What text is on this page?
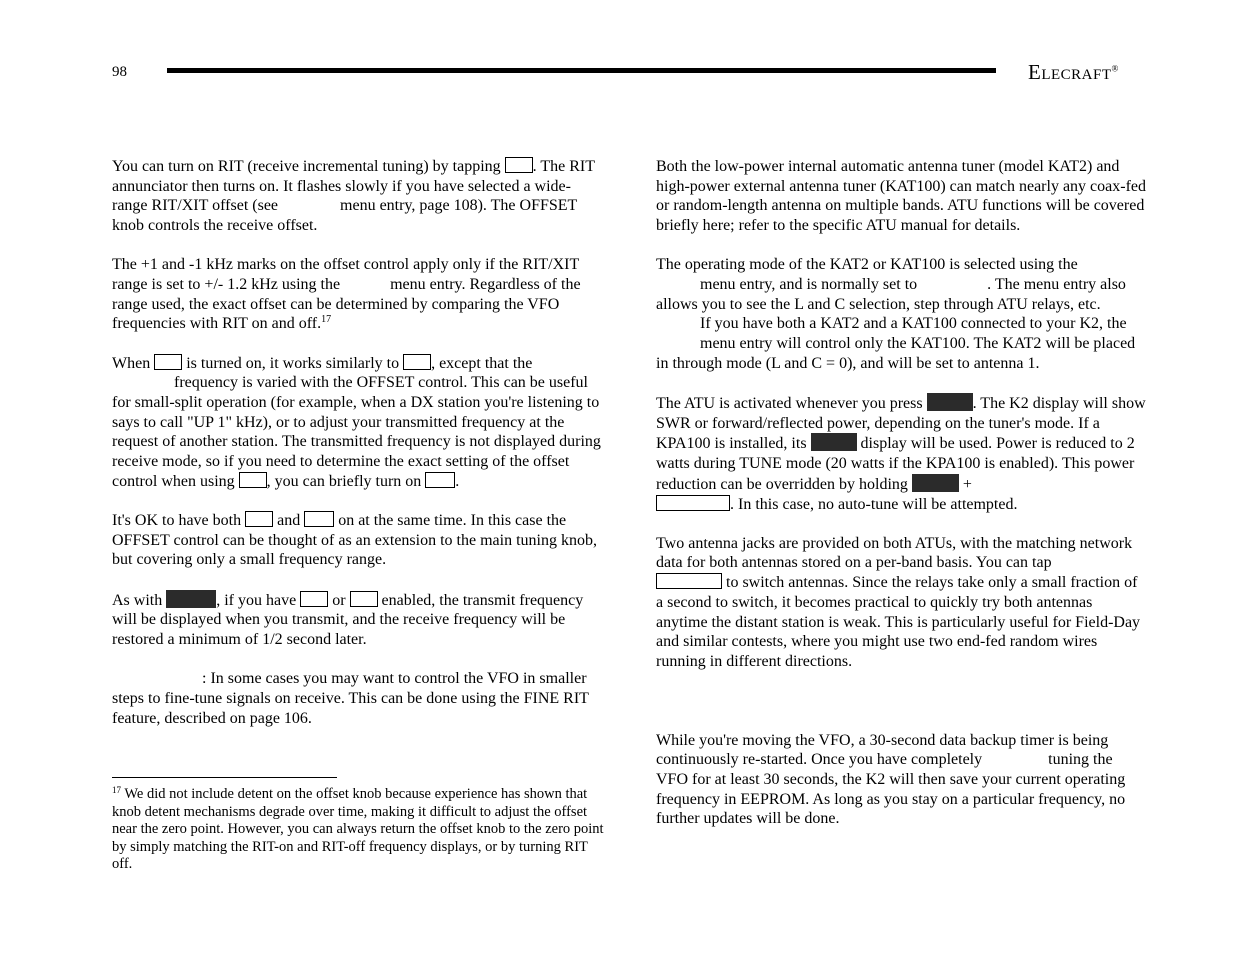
98	ELECRAFT®

You can turn on RIT (receive incremental tuning) by tapping . The RIT annunciator then turns on. It flashes slowly if you have selected a wide-range RIT/XIT offset (see	menu entry, page 108). The OFFSET knob controls the receive offset.

The +1 and -1 kHz marks on the offset control apply only if the RIT/XIT range is set to +/- 1.2 kHz using the	menu entry. Regardless of the range used, the exact offset can be determined by comparing the VFO frequencies with RIT on and off.$^{17}$

When is turned on, it works similarly to , except that the
frequency is varied with the OFFSET control. This can be useful for small-split operation (for example, when a DX station you're listening to says to call "UP 1" kHz), or to adjust your transmitted frequency at the request of another station. The transmitted frequency is not displayed during receive mode, so if you need to determine the exact setting of the offset control when using , you can briefly turn on .

It's OK to have both and on at the same time. In this case the OFFSET control can be thought of as an extension to the main tuning knob, but covering only a small frequency range.

As with	, if you have or enabled, the transmit frequency will be displayed when you transmit, and the receive frequency will be restored a minimum of 1/2 second later.

: In some cases you may want to control the VFO in smaller steps to fine-tune signals on receive. This can be done using the FINE RIT feature, described on page 106.

$^{17}$ We did not include detent on the offset knob because experience has shown that knob detent mechanisms degrade over time, making it difficult to adjust the offset near the zero point. However, you can always return the offset knob to the zero point by simply matching the RIT-on and RIT-off frequency displays, or by turning RIT off.

Both the low-power internal automatic antenna tuner (model KAT2) and high-power external antenna tuner (KAT100) can match nearly any coax-fed or random-length antenna on multiple bands. ATU functions will be covered briefly here; refer to the specific ATU manual for details.

The operating mode of the KAT2 or KAT100 is selected using the
menu entry, and is normally set to	. The menu entry also allows you to see the L and C selection, step through ATU relays, etc.
If you have both a KAT2 and a KAT100 connected to your K2, the  menu entry will control only the KAT100. The KAT2 will be placed in through mode (L and C = 0), and will be set to antenna 1.

The ATU is activated whenever you press	. The K2 display will show SWR or forward/reflected power, depending on the tuner's mode. If a KPA100 is installed, its	display will be used. Power is reduced to 2 watts during TUNE mode (20 watts if the KPA100 is enabled). This power reduction can be overridden by holding	+
. In this case, no auto-tune will be attempted.

Two antenna jacks are provided on both ATUs, with the matching network data for both antennas stored on a per-band basis. You can tap
to switch antennas. Since the relays take only a small fraction of a second to switch, it becomes practical to quickly try both antennas anytime the distant station is weak. This is particularly useful for Field-Day and similar contests, where you might use two end-fed random wires running in different directions.

While you're moving the VFO, a 30-second data backup timer is being continuously re-started. Once you have completely	tuning the VFO for at least 30 seconds, the K2 will then save your current operating frequency in EEPROM. As long as you stay on a particular frequency, no further updates will be done.
